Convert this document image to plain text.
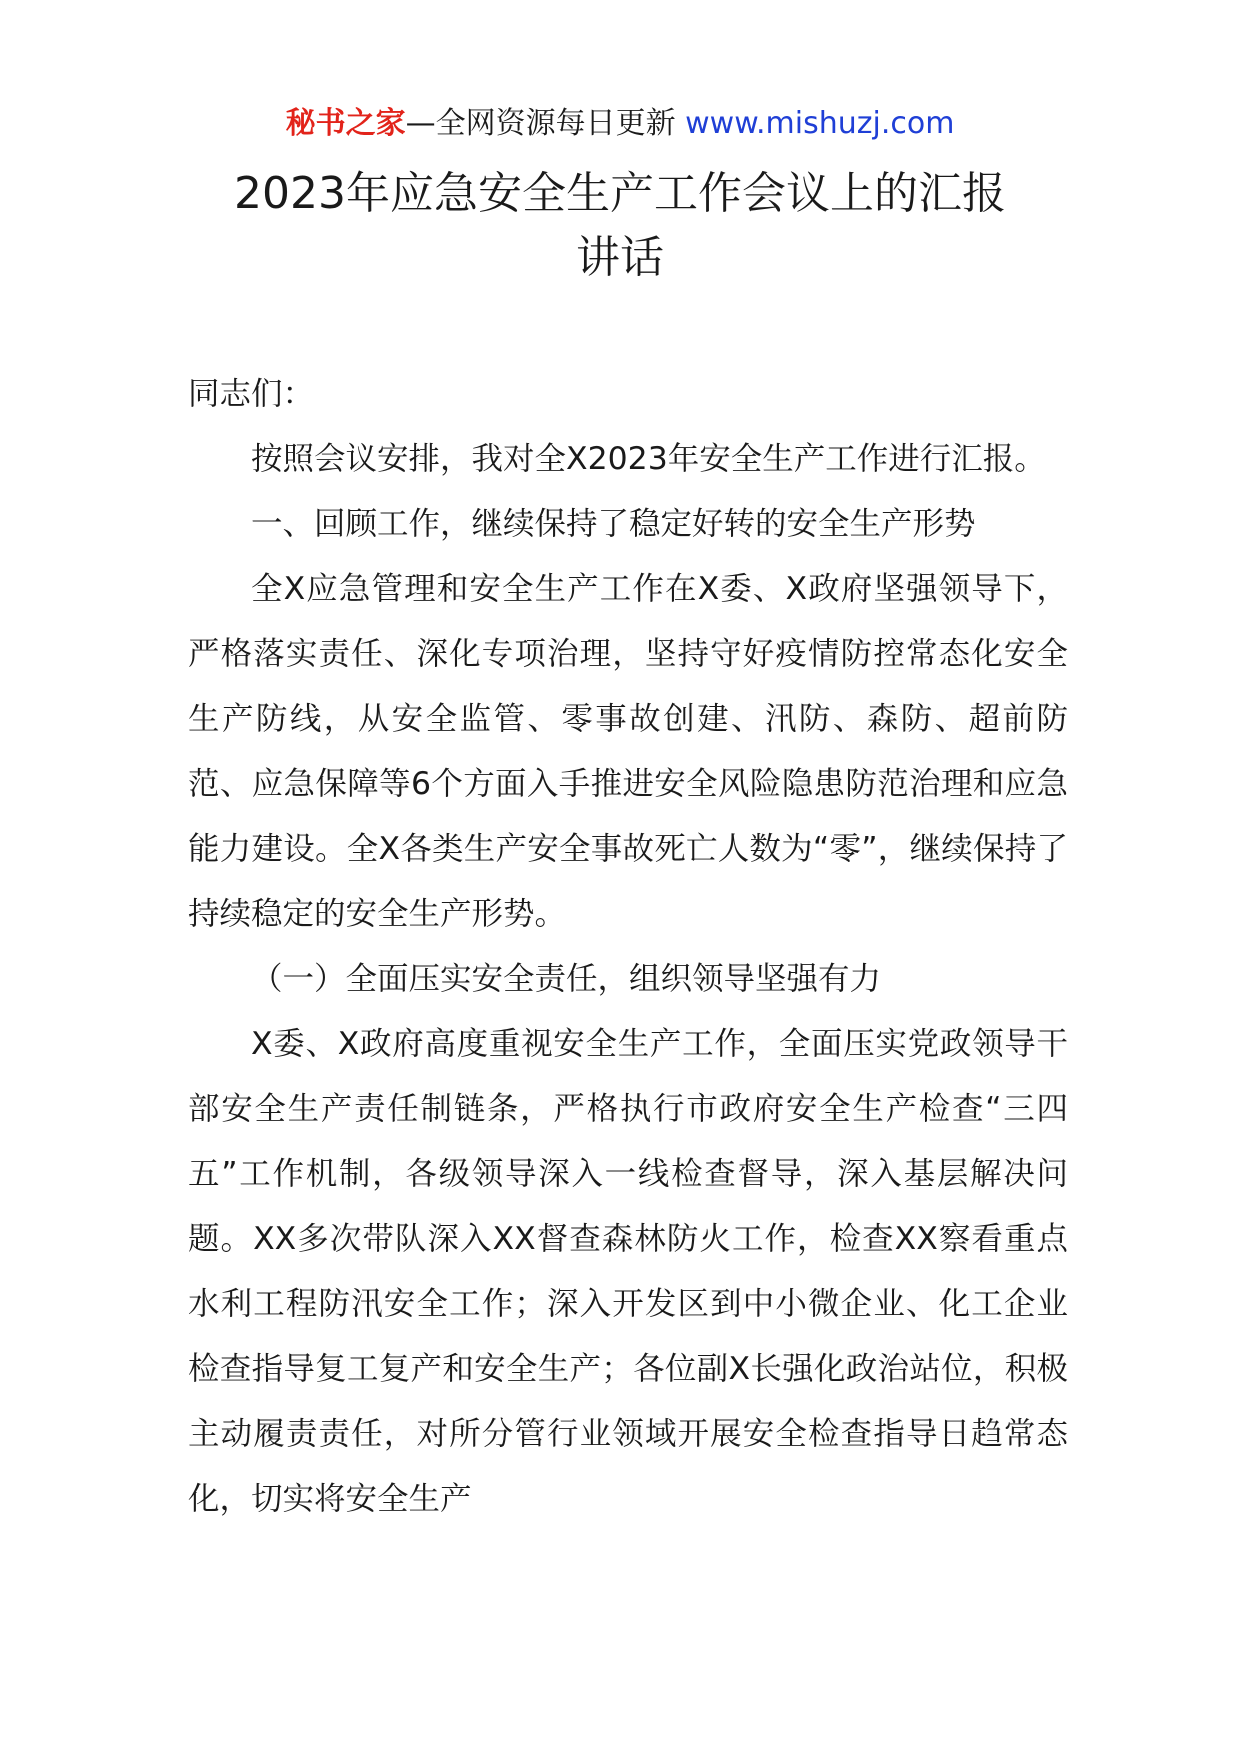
秘书之家—全网资源每日更新 www.mishuzj.com
2023年应急安全生产工作会议上的汇报
讲话

同志们：

按照会议安排，我对全X2023年安全生产工作进行汇报。

一、回顾工作，继续保持了稳定好转的安全生产形势

全X应急管理和安全生产工作在X委、X政府坚强领导下，严格落实责任、深化专项治理，坚持守好疫情防控常态化安全生产防线，从安全监管、零事故创建、汛防、森防、超前防范、应急保障等6个方面入手推进安全风险隐患防范治理和应急能力建设。全X各类生产安全事故死亡人数为“零”，继续保持了持续稳定的安全生产形势。

（一）全面压实安全责任，组织领导坚强有力

X委、X政府高度重视安全生产工作，全面压实党政领导干部安全生产责任制链条，严格执行市政府安全生产检查“三四五”工作机制，各级领导深入一线检查督导，深入基层解决问题。XX多次带队深入XX督查森林防火工作，检查XX察看重点水利工程防汛安全工作；深入开发区到中小微企业、化工企业检查指导复工复产和安全生产；各位副X长强化政治站位，积极主动履责责任，对所分管行业领域开展安全检查指导日趋常态化，切实将安全生产
